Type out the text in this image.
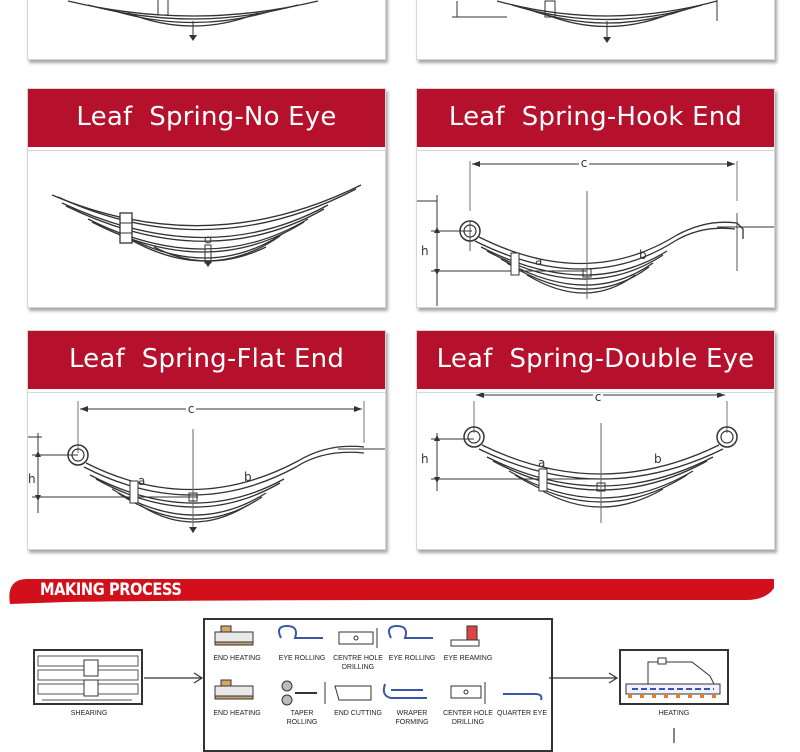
Leaf  Spring-No Eye	Leaf  Spring-Hook End
c
h
a	b
Leaf  Spring-Flat End
c
h	a	b
Leaf  Spring-Double Eye
c
h	a	b
MAKING PROCESS
SHEARING
END HEATING	EYE ROLLING	CENTRE HOLE
DRILLING
EYE ROLLING	EYE REAMING
END HEATING	TAPER
ROLLING
END CUTTING	WRAPER
FORMING
CENTER HOLE
DRILLING
QUARTER EYE	HEATING
